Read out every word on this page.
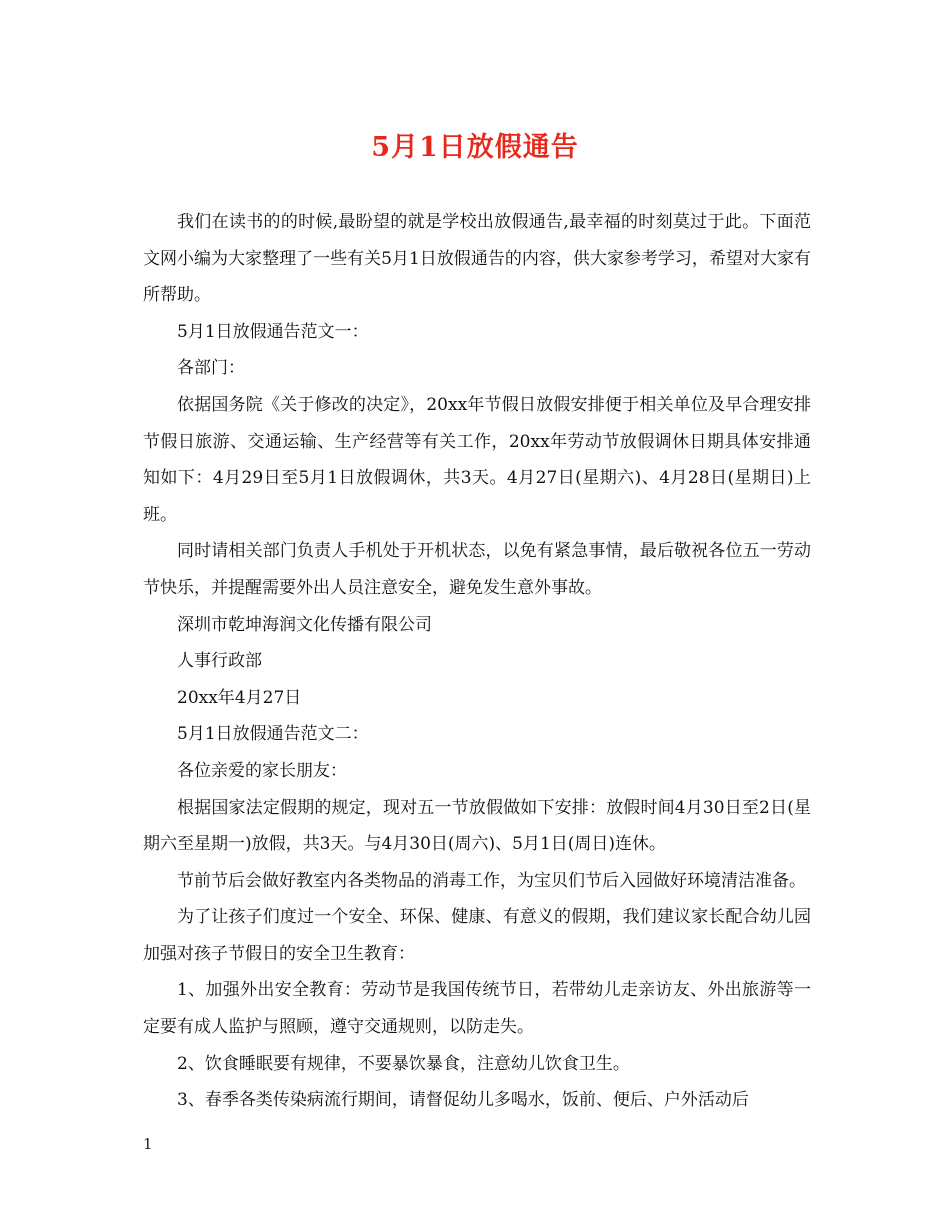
5月1日放假通告

我们在读书的的时候,最盼望的就是学校出放假通告,最幸福的时刻莫过于此。下面范文网小编为大家整理了一些有关5月1日放假通告的内容，供大家参考学习，希望对大家有所帮助。

5月1日放假通告范文一：

各部门：

依据国务院《关于修改的决定》，20xx年节假日放假安排便于相关单位及早合理安排节假日旅游、交通运输、生产经营等有关工作，20xx年劳动节放假调休日期具体安排通知如下：4月29日至5月1日放假调休，共3天。4月27日(星期六)、4月28日(星期日)上班。

同时请相关部门负责人手机处于开机状态，以免有紧急事情，最后敬祝各位五一劳动节快乐，并提醒需要外出人员注意安全，避免发生意外事故。

深圳市乾坤海润文化传播有限公司

人事行政部

20xx年4月27日

5月1日放假通告范文二：

各位亲爱的家长朋友：

根据国家法定假期的规定，现对五一节放假做如下安排：放假时间4月30日至2日(星期六至星期一)放假，共3天。与4月30日(周六)、5月1日(周日)连休。

节前节后会做好教室内各类物品的消毒工作，为宝贝们节后入园做好环境清洁准备。

为了让孩子们度过一个安全、环保、健康、有意义的假期，我们建议家长配合幼儿园加强对孩子节假日的安全卫生教育：

1、加强外出安全教育：劳动节是我国传统节日，若带幼儿走亲访友、外出旅游等一定要有成人监护与照顾，遵守交通规则，以防走失。

2、饮食睡眠要有规律，不要暴饮暴食，注意幼儿饮食卫生。

3、春季各类传染病流行期间，请督促幼儿多喝水，饭前、便后、户外活动后

1
